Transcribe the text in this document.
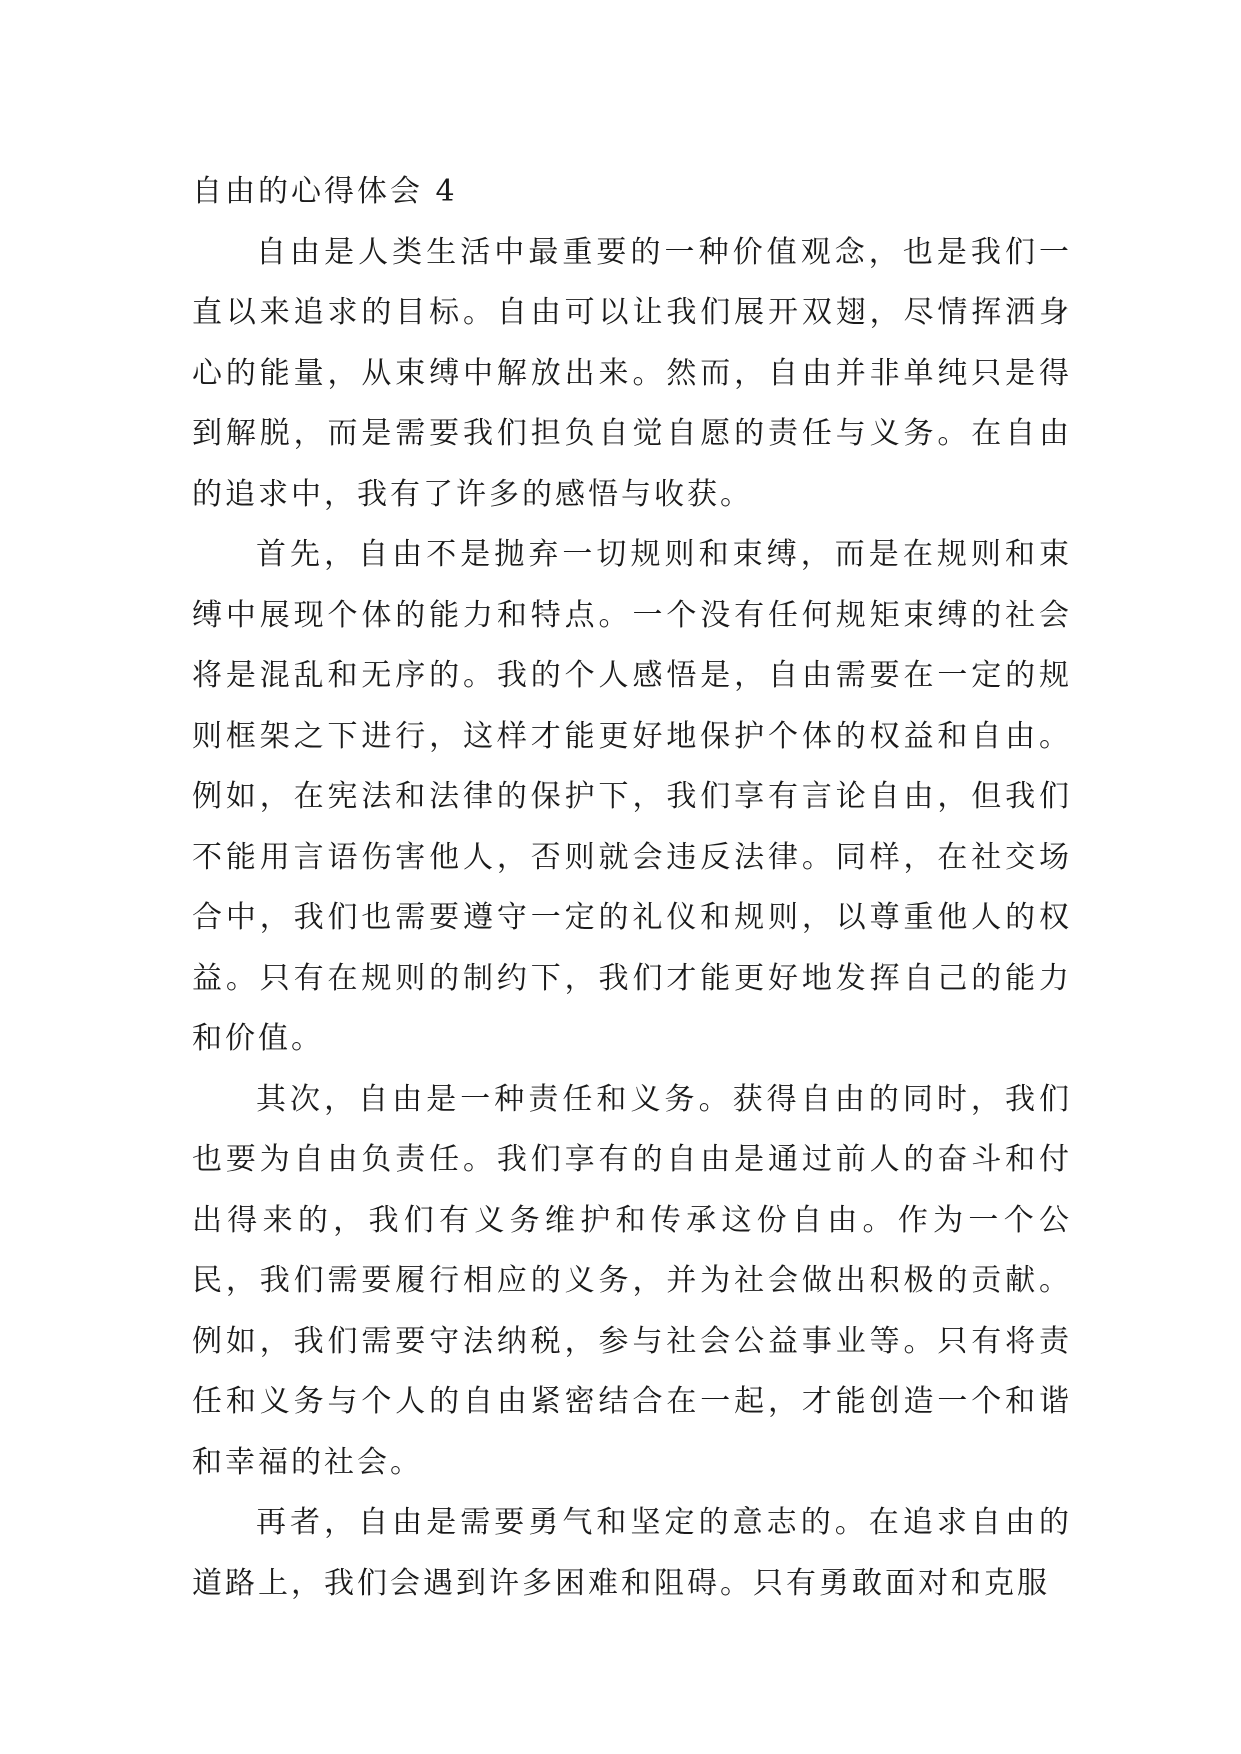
自由的心得体会 4

自由是人类生活中最重要的一种价值观念，也是我们一直以来追求的目标。自由可以让我们展开双翅，尽情挥洒身心的能量，从束缚中解放出来。然而，自由并非单纯只是得到解脱，而是需要我们担负自觉自愿的责任与义务。在自由的追求中，我有了许多的感悟与收获。

首先，自由不是抛弃一切规则和束缚，而是在规则和束缚中展现个体的能力和特点。一个没有任何规矩束缚的社会将是混乱和无序的。我的个人感悟是，自由需要在一定的规则框架之下进行，这样才能更好地保护个体的权益和自由。例如，在宪法和法律的保护下，我们享有言论自由，但我们不能用言语伤害他人，否则就会违反法律。同样，在社交场合中，我们也需要遵守一定的礼仪和规则，以尊重他人的权益。只有在规则的制约下，我们才能更好地发挥自己的能力和价值。

其次，自由是一种责任和义务。获得自由的同时，我们也要为自由负责任。我们享有的自由是通过前人的奋斗和付出得来的，我们有义务维护和传承这份自由。作为一个公民，我们需要履行相应的义务，并为社会做出积极的贡献。例如，我们需要守法纳税，参与社会公益事业等。只有将责任和义务与个人的自由紧密结合在一起，才能创造一个和谐和幸福的社会。

再者，自由是需要勇气和坚定的意志的。在追求自由的道路上，我们会遇到许多困难和阻碍。只有勇敢面对和克服
